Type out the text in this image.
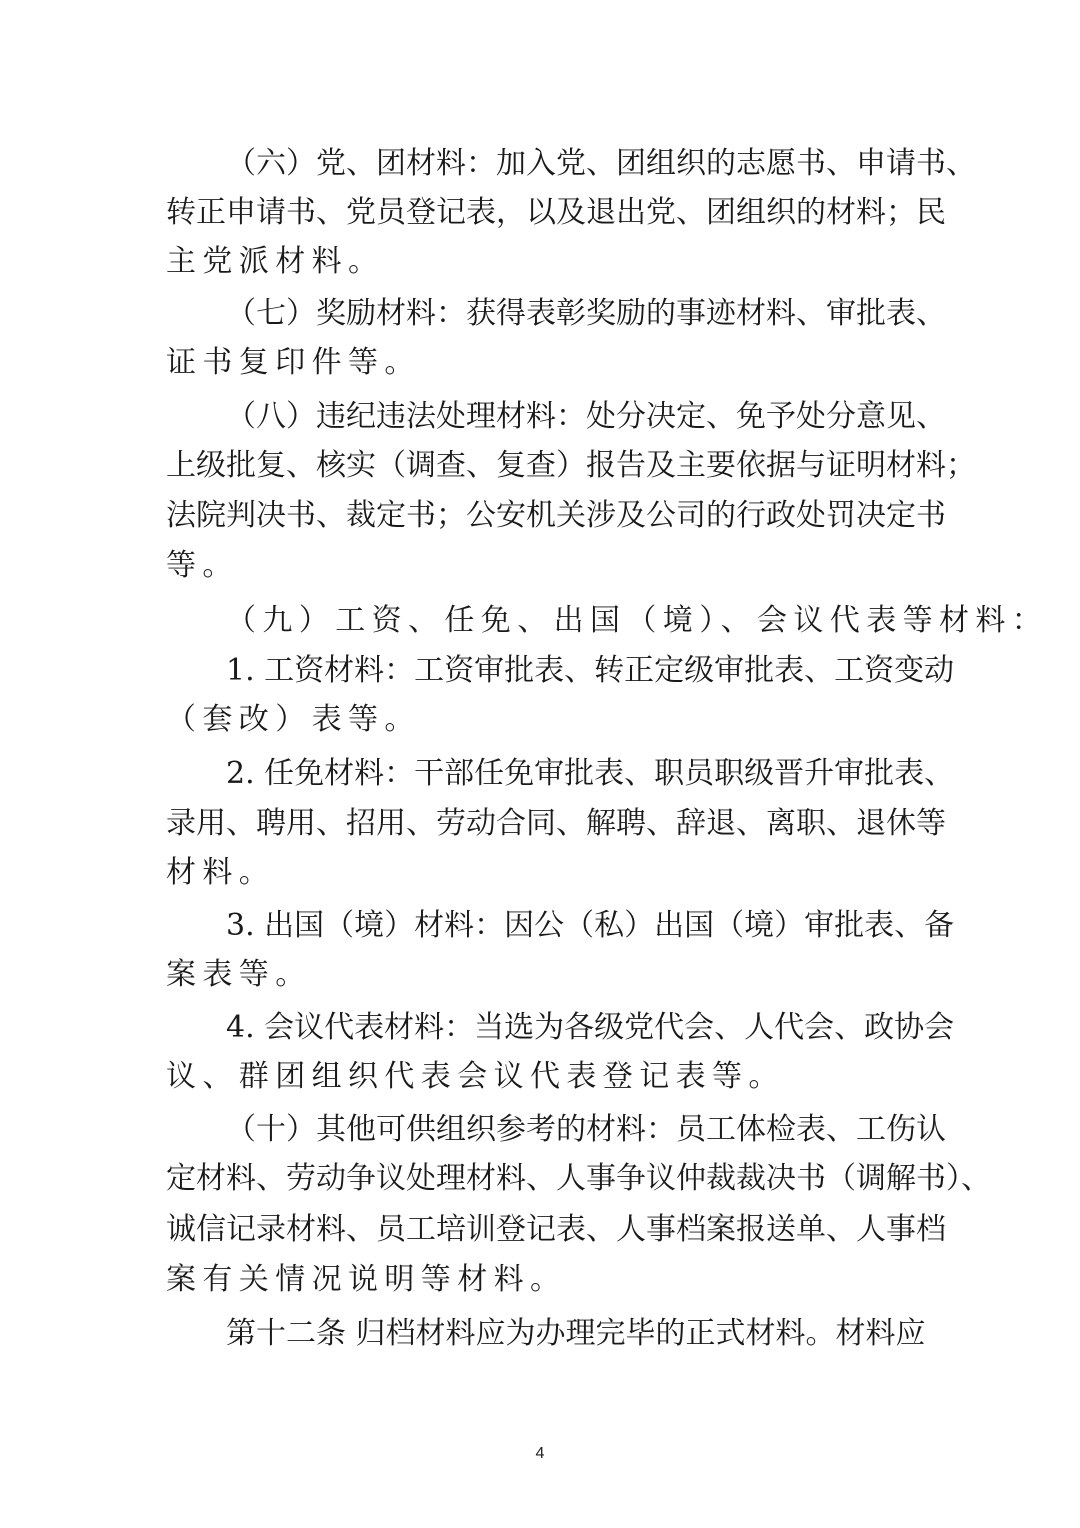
（六）党、团材料：加入党、团组织的志愿书、申请书、
转正申请书、党员登记表，以及退出党、团组织的材料；民
主党派材料。
（七）奖励材料：获得表彰奖励的事迹材料、审批表、
证书复印件等。
（八）违纪违法处理材料：处分决定、免予处分意见、
上级批复、核实（调查、复查）报告及主要依据与证明材料；
法院判决书、裁定书；公安机关涉及公司的行政处罚决定书
等。
（九）工资、任免、出国（境）、会议代表等材料：
1. 工资材料：工资审批表、转正定级审批表、工资变动
（套改）表等。
2. 任免材料：干部任免审批表、职员职级晋升审批表、
录用、聘用、招用、劳动合同、解聘、辞退、离职、退休等
材料。
3. 出国（境）材料：因公（私）出国（境）审批表、备
案表等。
4. 会议代表材料：当选为各级党代会、人代会、政协会
议、群团组织代表会议代表登记表等。
（十）其他可供组织参考的材料：员工体检表、工伤认
定材料、劳动争议处理材料、人事争议仲裁裁决书（调解书）、
诚信记录材料、员工培训登记表、人事档案报送单、人事档
案有关情况说明等材料。
第十二条 归档材料应为办理完毕的正式材料。材料应
4
